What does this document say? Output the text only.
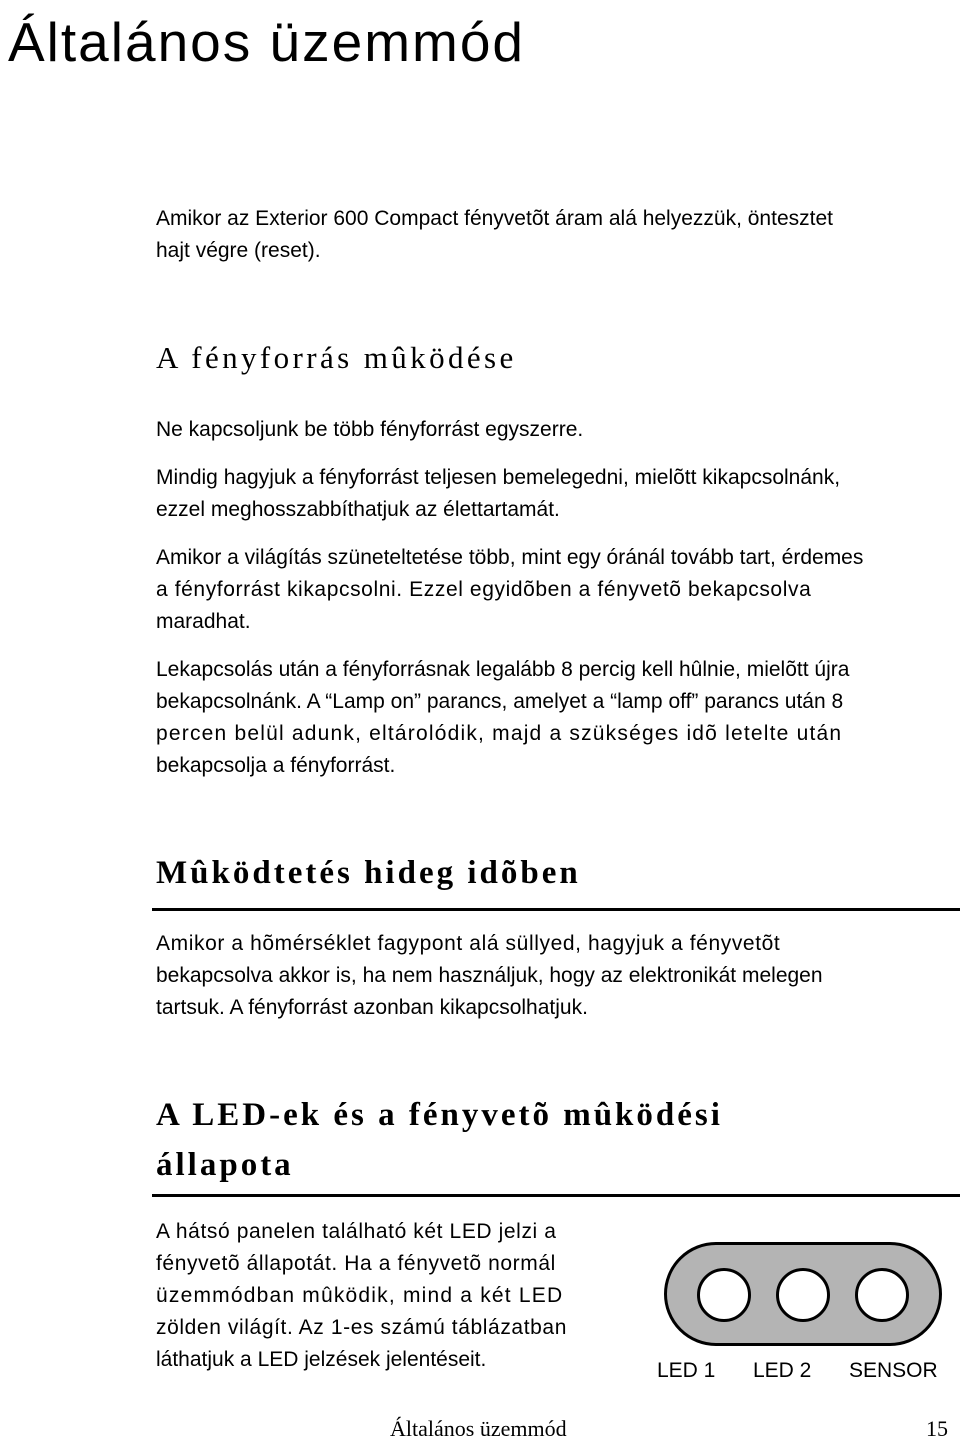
Általános üzemmód
Amikor az Exterior 600 Compact fényvetõt áram alá helyezzük, öntesztet
hajt végre (reset).
A fényforrás mûködése
Ne kapcsoljunk be több fényforrást egyszerre.
Mindig hagyjuk a fényforrást teljesen bemelegedni, mielõtt kikapcsolnánk,
ezzel meghosszabbíthatjuk az élettartamát.
Amikor a világítás szüneteltetése több, mint egy óránál tovább tart, érdemes
a fényforrást kikapcsolni. Ezzel egyidõben a fényvetõ bekapcsolva
maradhat.
Lekapcsolás után a fényforrásnak legalább 8 percig kell hûlnie, mielõtt újra
bekapcsolnánk. A “Lamp on” parancs, amelyet a “lamp off” parancs után 8
percen belül adunk, eltárolódik, majd a szükséges idõ letelte után
bekapcsolja a fényforrást.
Mûködtetés hideg idõben
Amikor a hõmérséklet fagypont alá süllyed, hagyjuk a fényvetõt
bekapcsolva akkor is, ha nem használjuk, hogy az elektronikát melegen
tartsuk. A fényforrást azonban kikapcsolhatjuk.
A LED-ek és a fényvetõ mûködési
állapota
A hátsó panelen található két LED jelzi a
fényvetõ állapotát. Ha a fényvetõ normál
üzemmódban mûködik, mind a két LED
zölden világít. Az 1-es számú táblázatban
láthatjuk a LED jelzések jelentéseit.	LED 1 LED 2 SENSOR
Általános üzemmód	15
